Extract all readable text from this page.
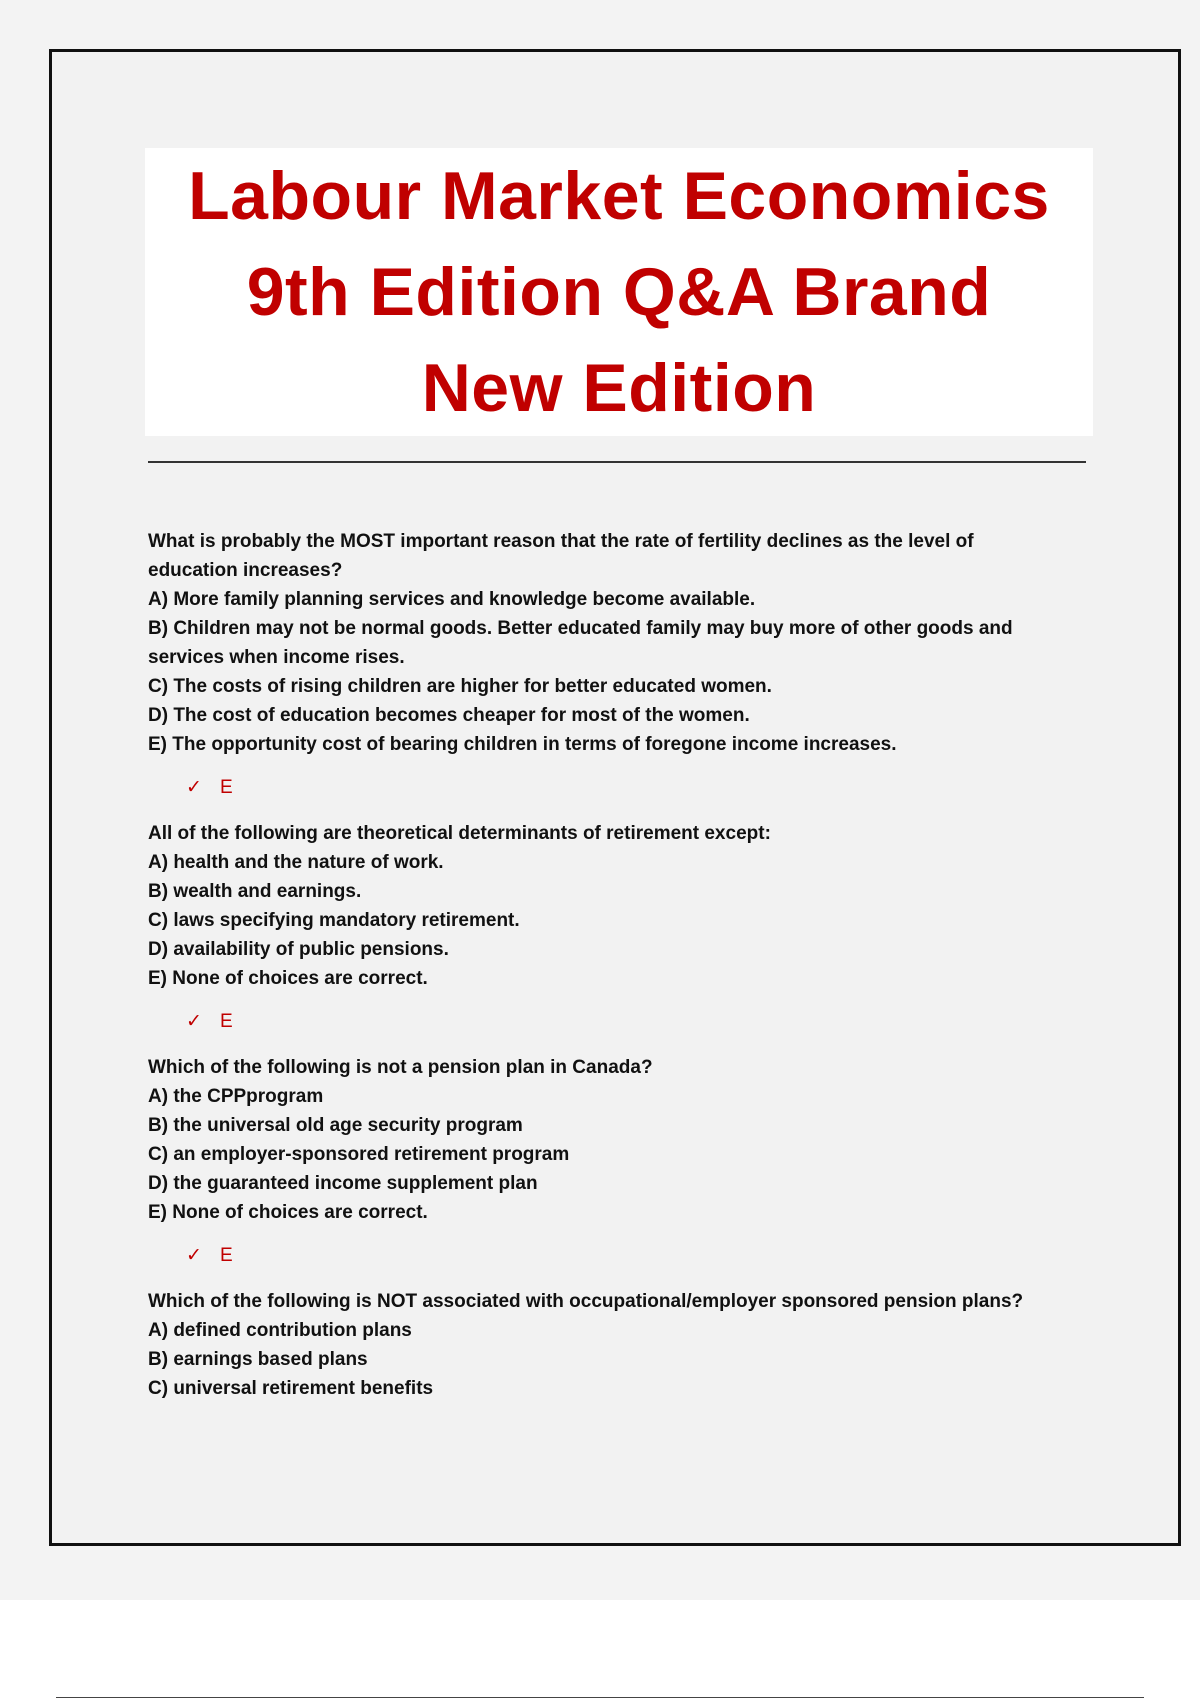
Labour Market Economics
9th Edition Q&A Brand
New Edition
What is probably the MOST important reason that the rate of fertility declines as the level of
education increases?
A) More family planning services and knowledge become available.
B) Children may not be normal goods. Better educated family may buy more of other goods and
services when income rises.
C) The costs of rising children are higher for better educated women.
D) The cost of education becomes cheaper for most of the women.
E) The opportunity cost of bearing children in terms of foregone income increases.
✓ E
All of the following are theoretical determinants of retirement except:
A) health and the nature of work.
B) wealth and earnings.
C) laws specifying mandatory retirement.
D) availability of public pensions.
E) None of choices are correct.
✓ E
Which of the following is not a pension plan in Canada?
A) the CPPprogram
B) the universal old age security program
C) an employer-sponsored retirement program
D) the guaranteed income supplement plan
E) None of choices are correct.
✓ E
Which of the following is NOT associated with occupational/employer sponsored pension plans?
A) defined contribution plans
B) earnings based plans
C) universal retirement benefits
